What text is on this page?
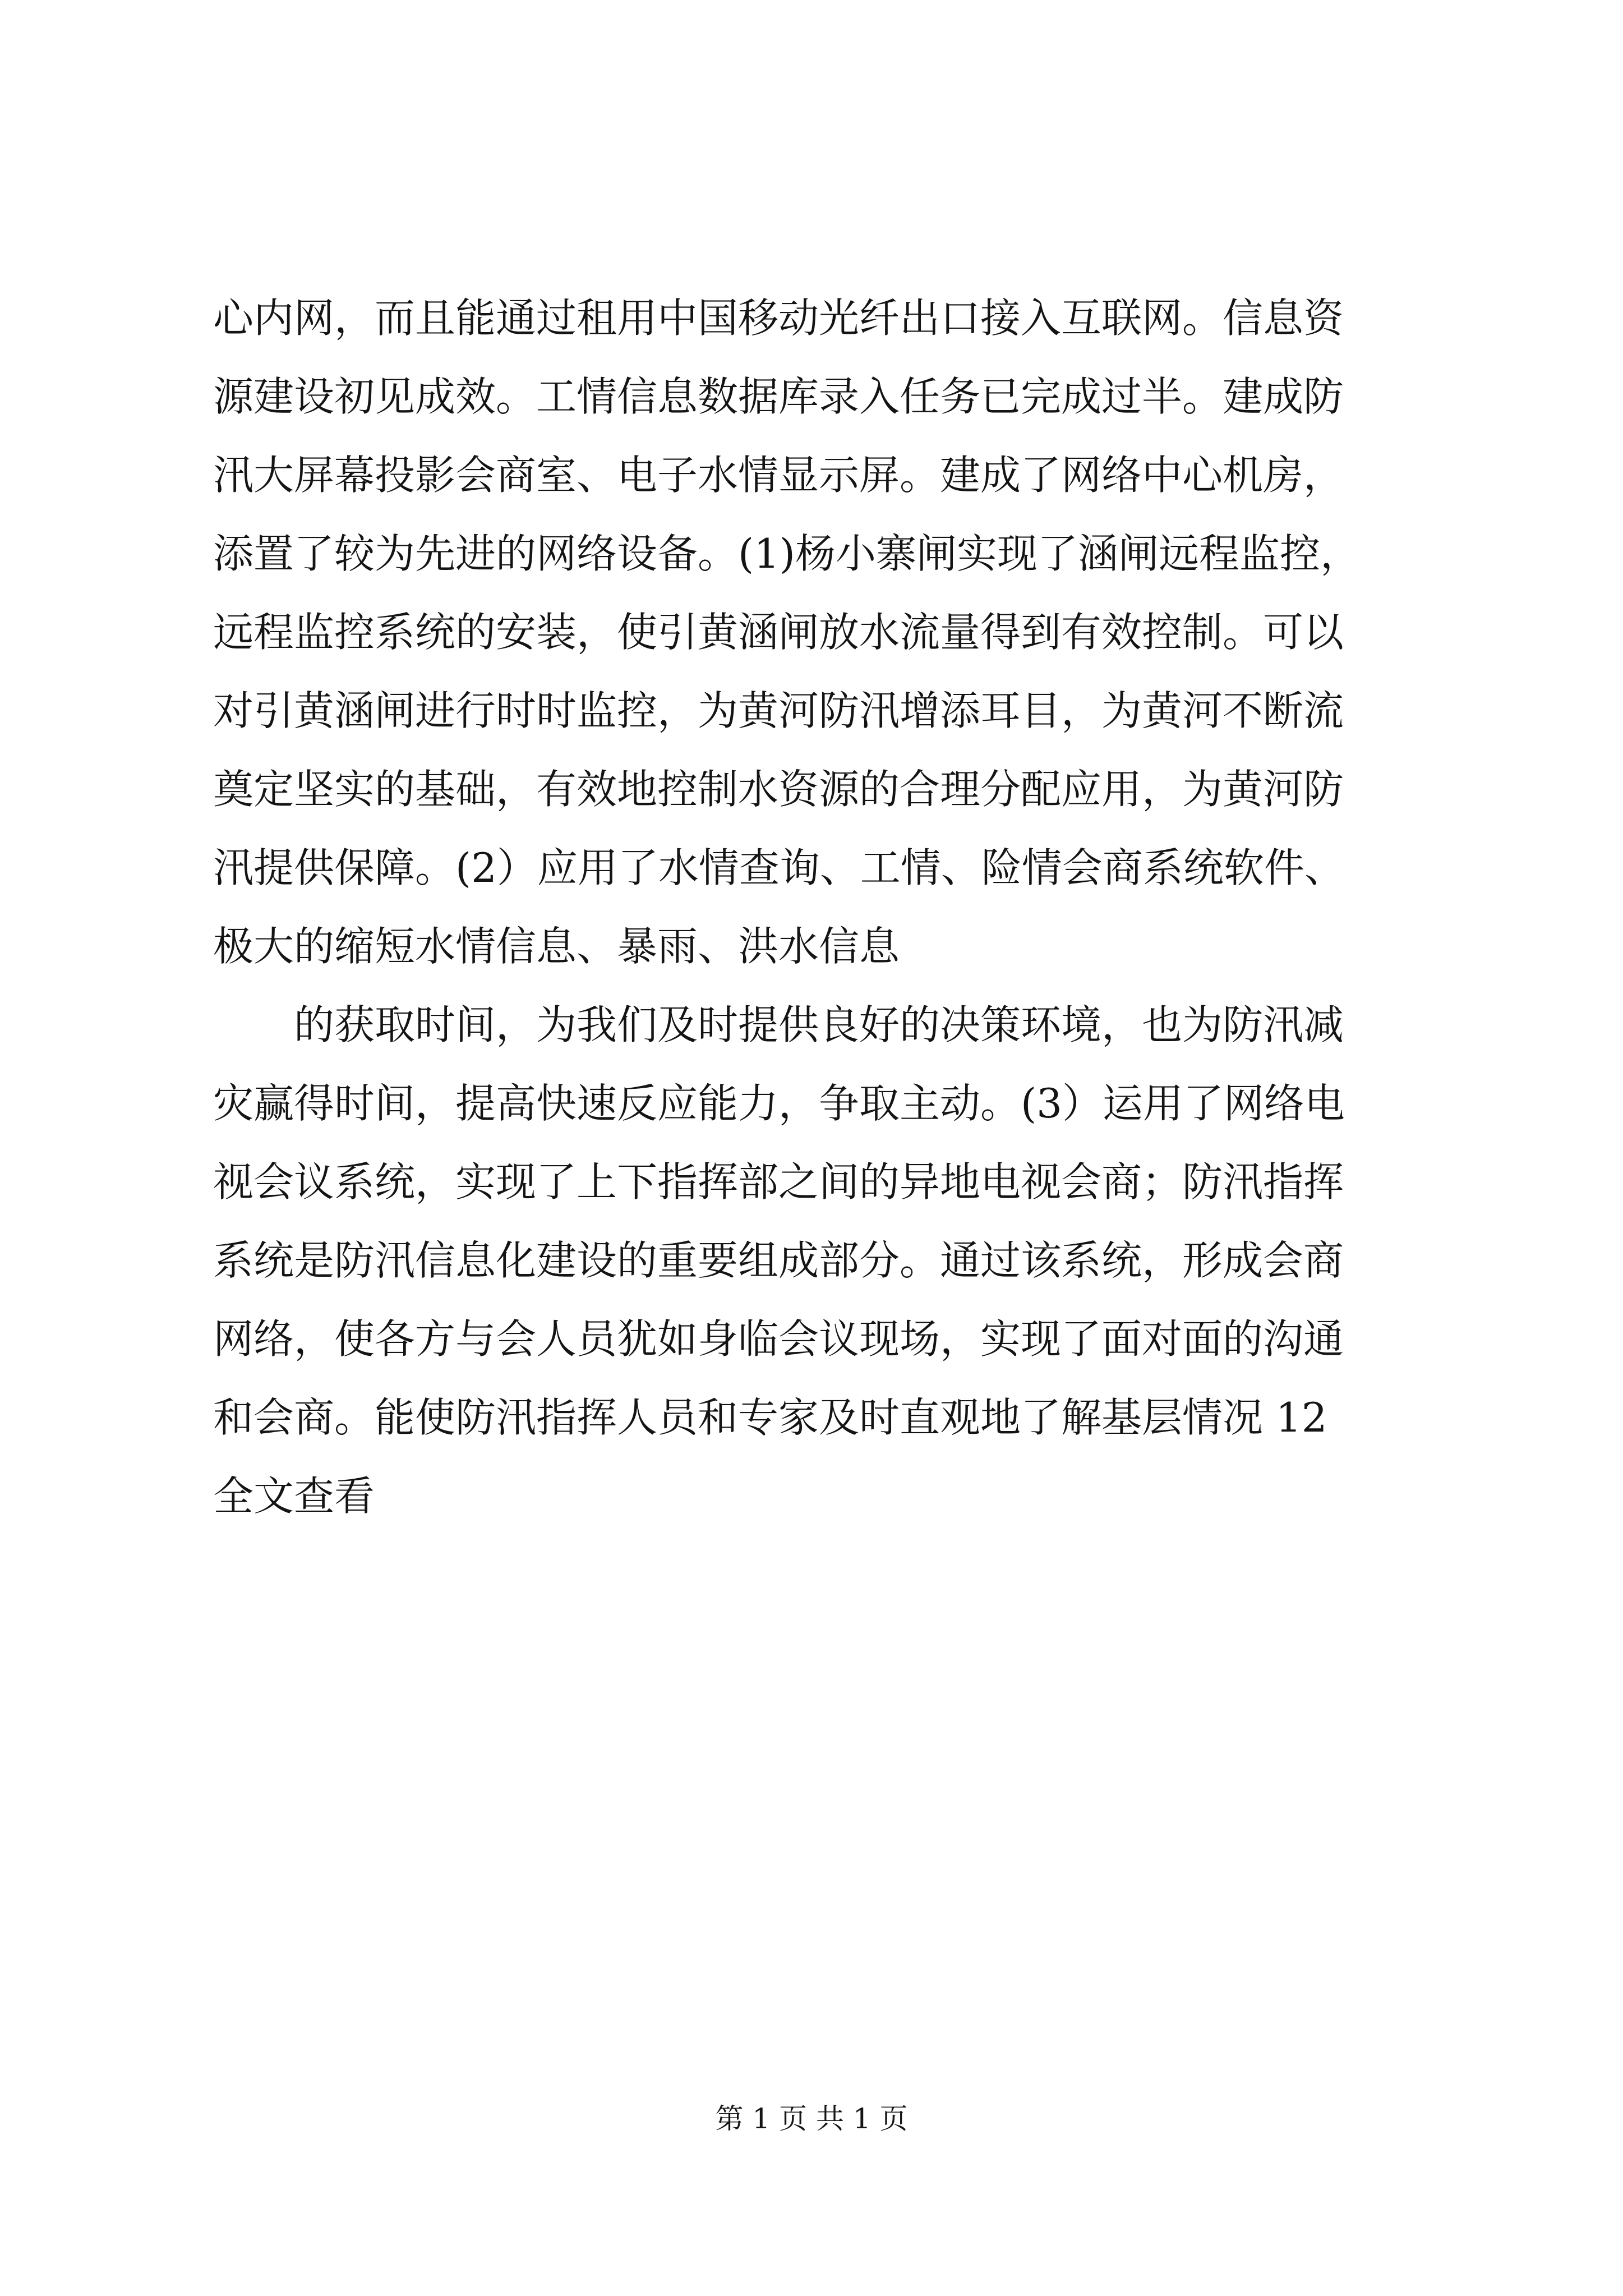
心内网，而且能通过租用中国移动光纤出口接入互联网。信息资
源建设初见成效。工情信息数据库录入任务已完成过半。建成防
汛大屏幕投影会商室、电子水情显示屏。建成了网络中心机房，
添置了较为先进的网络设备。(1)杨小寨闸实现了涵闸远程监控，
远程监控系统的安装，使引黄涵闸放水流量得到有效控制。可以
对引黄涵闸进行时时监控，为黄河防汛增添耳目，为黄河不断流
奠定坚实的基础，有效地控制水资源的合理分配应用，为黄河防
汛提供保障。(2）应用了水情查询、工情、险情会商系统软件、
极大的缩短水情信息、暴雨、洪水信息
的获取时间，为我们及时提供良好的决策环境，也为防汛减
灾赢得时间，提高快速反应能力，争取主动。(3）运用了网络电
视会议系统，实现了上下指挥部之间的异地电视会商；防汛指挥
系统是防汛信息化建设的重要组成部分。通过该系统，形成会商
网络，使各方与会人员犹如身临会议现场，实现了面对面的沟通
和会商。能使防汛指挥人员和专家及时直观地了解基层情况 12
全文查看
第 1 页 共 1 页
